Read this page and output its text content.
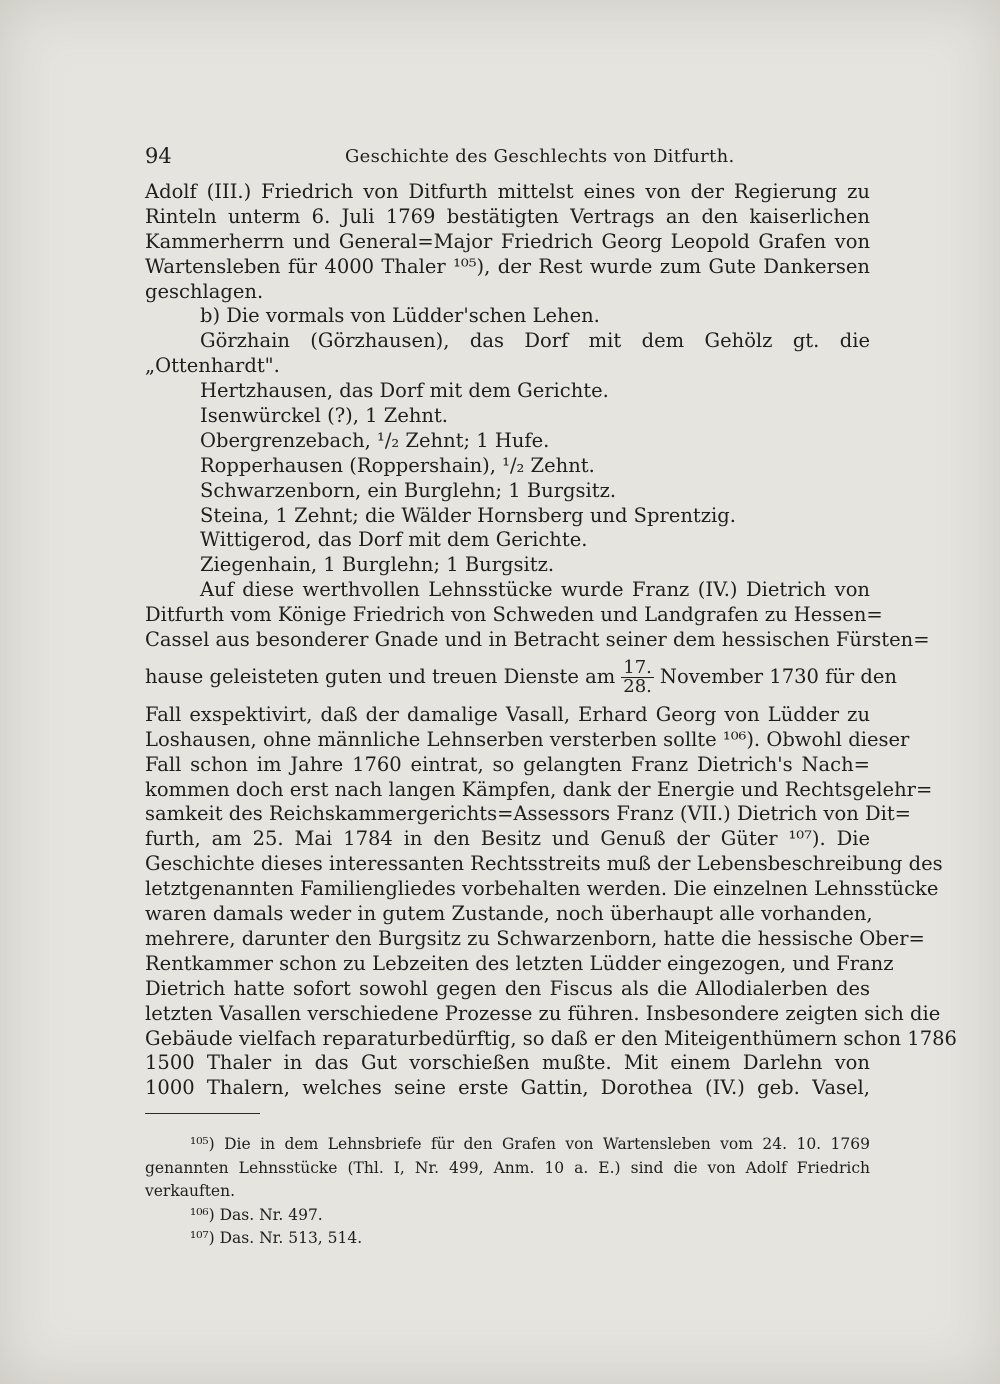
94	Geschichte des Geschlechts von Ditfurth.
Adolf (III.) Friedrich von Ditfurth mittelst eines von der Regierung zu
Rinteln unterm 6. Juli 1769 bestätigten Vertrags an den kaiserlichen
Kammerherrn und General=Major Friedrich Georg Leopold Grafen von
Wartensleben für 4000 Thaler ¹⁰⁵), der Rest wurde zum Gute Dankersen
geschlagen.
b) Die vormals von Lüdder'schen Lehen.
Görzhain (Görzhausen), das Dorf mit dem Gehölz gt. die
„Ottenhardt".
Hertzhausen, das Dorf mit dem Gerichte.
Isenwürckel (?), 1 Zehnt.
Obergrenzebach, ¹/₂ Zehnt; 1 Hufe.
Ropperhausen (Roppershain), ¹/₂ Zehnt.
Schwarzenborn, ein Burglehn; 1 Burgsitz.
Steina, 1 Zehnt; die Wälder Hornsberg und Sprentzig.
Wittigerod, das Dorf mit dem Gerichte.
Ziegenhain, 1 Burglehn; 1 Burgsitz.
Auf diese werthvollen Lehnsstücke wurde Franz (IV.) Dietrich von
Ditfurth vom Könige Friedrich von Schweden und Landgrafen zu Hessen=
Cassel aus besonderer Gnade und in Betracht seiner dem hessischen Fürsten=
hause geleisteten guten und treuen Dienste am $\frac{17.}{28.}$ November 1730 für den
Fall exspektivirt, daß der damalige Vasall, Erhard Georg von Lüdder zu
Loshausen, ohne männliche Lehnserben versterben sollte ¹⁰⁶). Obwohl dieser
Fall schon im Jahre 1760 eintrat, so gelangten Franz Dietrich's Nach=
kommen doch erst nach langen Kämpfen, dank der Energie und Rechtsgelehr=
samkeit des Reichskammergerichts=Assessors Franz (VII.) Dietrich von Dit=
furth, am 25. Mai 1784 in den Besitz und Genuß der Güter ¹⁰⁷). Die
Geschichte dieses interessanten Rechtsstreits muß der Lebensbeschreibung des
letztgenannten Familiengliedes vorbehalten werden. Die einzelnen Lehnsstücke
waren damals weder in gutem Zustande, noch überhaupt alle vorhanden,
mehrere, darunter den Burgsitz zu Schwarzenborn, hatte die hessische Ober=
Rentkammer schon zu Lebzeiten des letzten Lüdder eingezogen, und Franz
Dietrich hatte sofort sowohl gegen den Fiscus als die Allodialerben des
letzten Vasallen verschiedene Prozesse zu führen. Insbesondere zeigten sich die
Gebäude vielfach reparaturbedürftig, so daß er den Miteigenthümern schon 1786
1500 Thaler in das Gut vorschießen mußte. Mit einem Darlehn von
1000 Thalern, welches seine erste Gattin, Dorothea (IV.) geb. Vasel,
¹⁰⁵) Die in dem Lehnsbriefe für den Grafen von Wartensleben vom 24. 10. 1769
genannten Lehnsstücke (Thl. I, Nr. 499, Anm. 10 a. E.) sind die von Adolf Friedrich
verkauften.
¹⁰⁶) Das. Nr. 497.
¹⁰⁷) Das. Nr. 513, 514.
